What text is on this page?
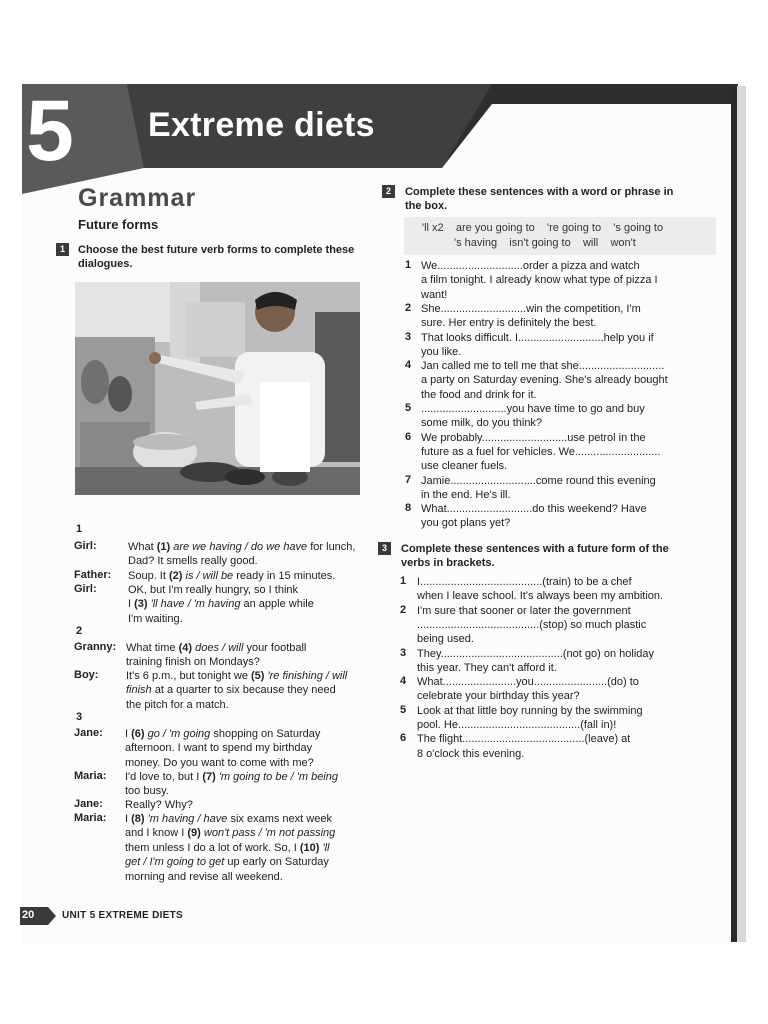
5 Extreme diets
Grammar
Future forms
1	Choose the best future verb forms to complete these
dialogues.
1
Girl:	What (1) are we having / do we have for lunch,
Dad? It smells really good.
Father: Soup. It (2) is / will be ready in 15 minutes.
Girl:	OK, but I'm really hungry, so I think
I (3) 'll have / 'm having an apple while
I'm waiting.
2
Granny: What time (4) does / will your football
training finish on Mondays?
Boy:	It's 6 p.m., but tonight we (5) 're finishing / will
finish at a quarter to six because they need
the pitch for a match.
3
Jane: I (6) go / 'm going shopping on Saturday
afternoon. I want to spend my birthday
money. Do you want to come with me?
Maria: I'd love to, but I (7) 'm going to be / 'm being
too busy.
Jane: Really? Why?
Maria: I (8) 'm having / have six exams next week
and I know I (9) won't pass / 'm not passing
them unless I do a lot of work. So, I (10) 'll
get / I'm going to get up early on Saturday
morning and revise all weekend.
2	Complete these sentences with a word or phrase in
the box.
'll x2    are you going to    're going to    's going to
's having    isn't going to    will    won't
1 We............................order a pizza and watch
a film tonight. I already know what type of pizza I
want!
2 She............................win the competition, I'm
sure. Her entry is definitely the best.
3 That looks difficult. I............................help you if
you like.
4 Jan called me to tell me that she............................
a party on Saturday evening. She's already bought
the food and drink for it.
5 ............................you have time to go and buy
some milk, do you think?
6 We probably............................use petrol in the
future as a fuel for vehicles. We............................
use cleaner fuels.
7 Jamie............................come round this evening
in the end. He's ill.
8 What............................do this weekend? Have
you got plans yet?
3	Complete these sentences with a future form of the
verbs in brackets.
1 I........................................(train) to be a chef
when I leave school. It's always been my ambition.
2 I'm sure that sooner or later the government
........................................(stop) so much plastic
being used.
3 They........................................(not go) on holiday
this year. They can't afford it.
4 What........................you........................(do) to
celebrate your birthday this year?
5 Look at that little boy running by the swimming
pool. He........................................(fall in)!
6 The flight........................................(leave) at
8 o'clock this evening.
20	UNIT 5 EXTREME DIETS
